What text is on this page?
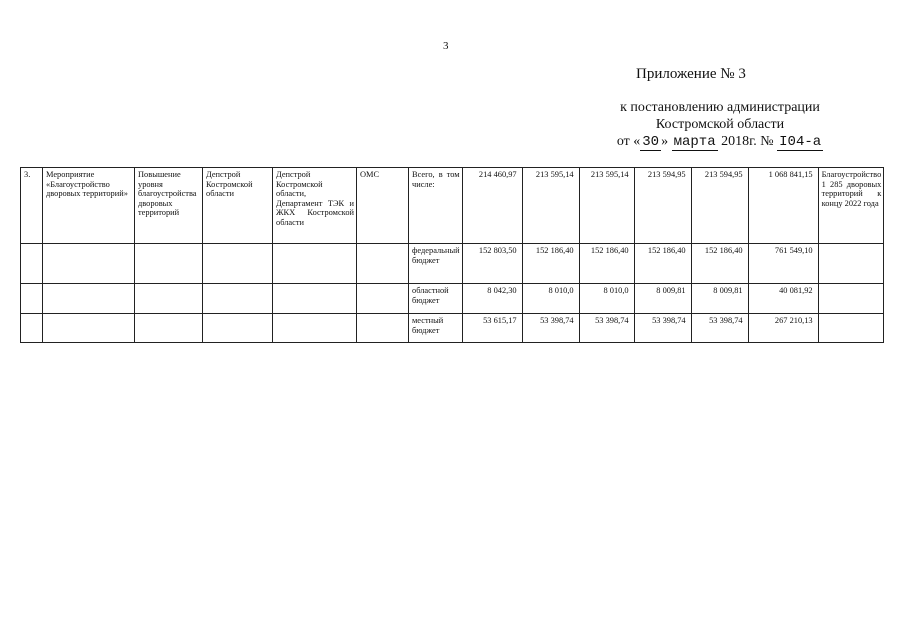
3
Приложение № 3
к постановлению администрации
Костромской области
от « 30 » марта 2018г. № I04-а
3.	Мероприятие «Благоустройство дворовых территорий»	Повышение уровня благоустройства дворовых территорий	Депстрой Костромской области	Депстрой Костромской области, Департамент ТЭК и ЖКХ Костромской области	ОМС	Всего, в том числе:	214 460,97	213 595,14	213 595,14	213 594,95	213 594,95	1 068 841,15	Благоустройство 1 285 дворовых территорий к концу 2022 года
						федеральный бюджет	152 803,50	152 186,40	152 186,40	152 186,40	152 186,40	761 549,10	
						областной бюджет	8 042,30	8 010,0	8 010,0	8 009,81	8 009,81	40 081,92	
						местный бюджет	53 615,17	53 398,74	53 398,74	53 398,74	53 398,74	267 210,13	
